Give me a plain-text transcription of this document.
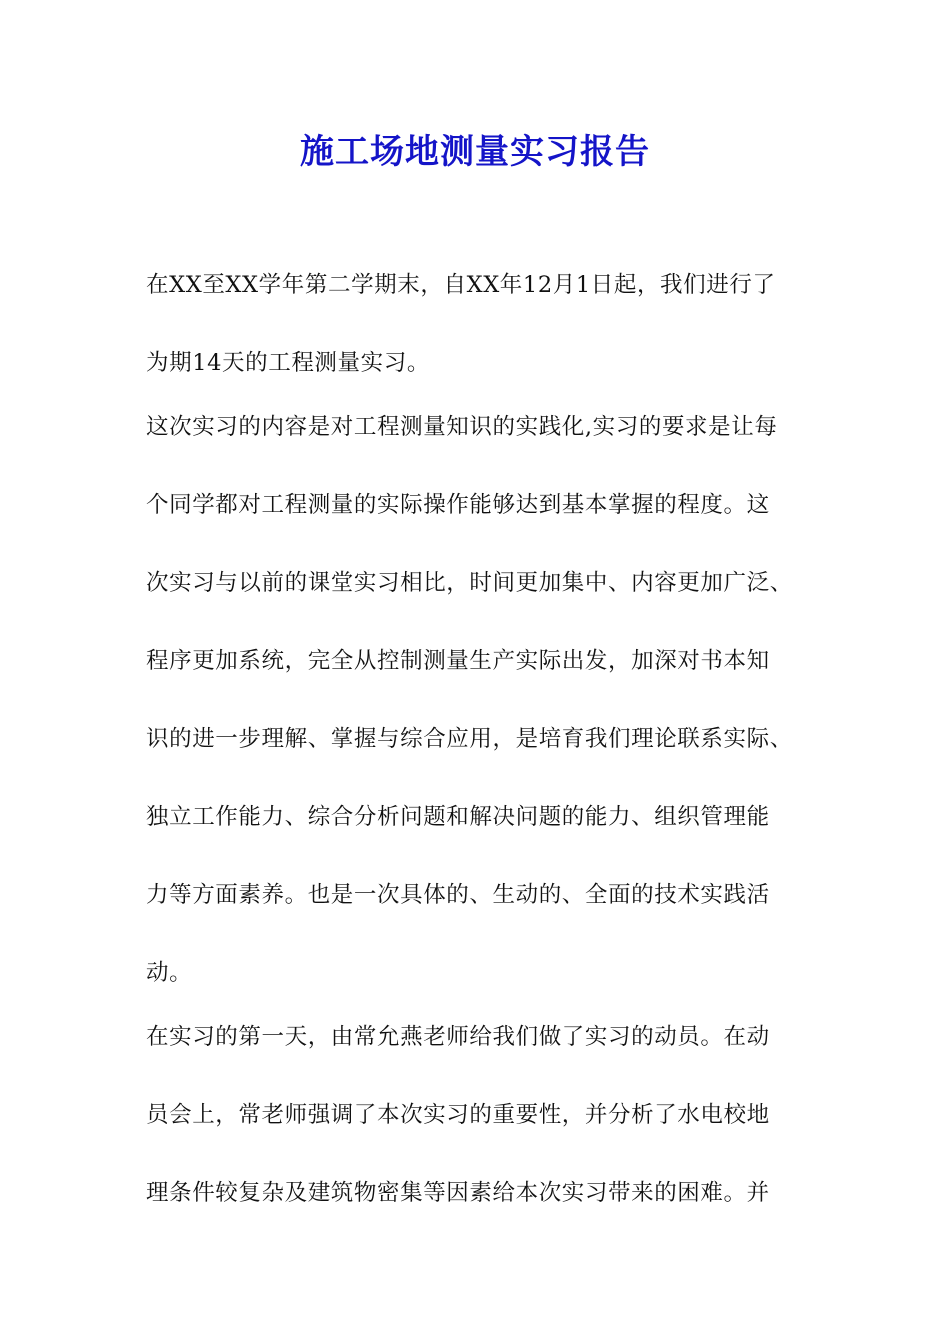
施工场地测量实习报告
在XX至XX学年第二学期末，自XX年12月1日起，我们进行了
为期14天的工程测量实习。
这次实习的内容是对工程测量知识的实践化,实习的要求是让每
个同学都对工程测量的实际操作能够达到基本掌握的程度。这
次实习与以前的课堂实习相比，时间更加集中、内容更加广泛、
程序更加系统，完全从控制测量生产实际出发，加深对书本知
识的进一步理解、掌握与综合应用，是培育我们理论联系实际、
独立工作能力、综合分析问题和解决问题的能力、组织管理能
力等方面素养。也是一次具体的、生动的、全面的技术实践活
动。
在实习的第一天，由常允燕老师给我们做了实习的动员。在动
员会上，常老师强调了本次实习的重要性，并分析了水电校地
理条件较复杂及建筑物密集等因素给本次实习带来的困难。并
